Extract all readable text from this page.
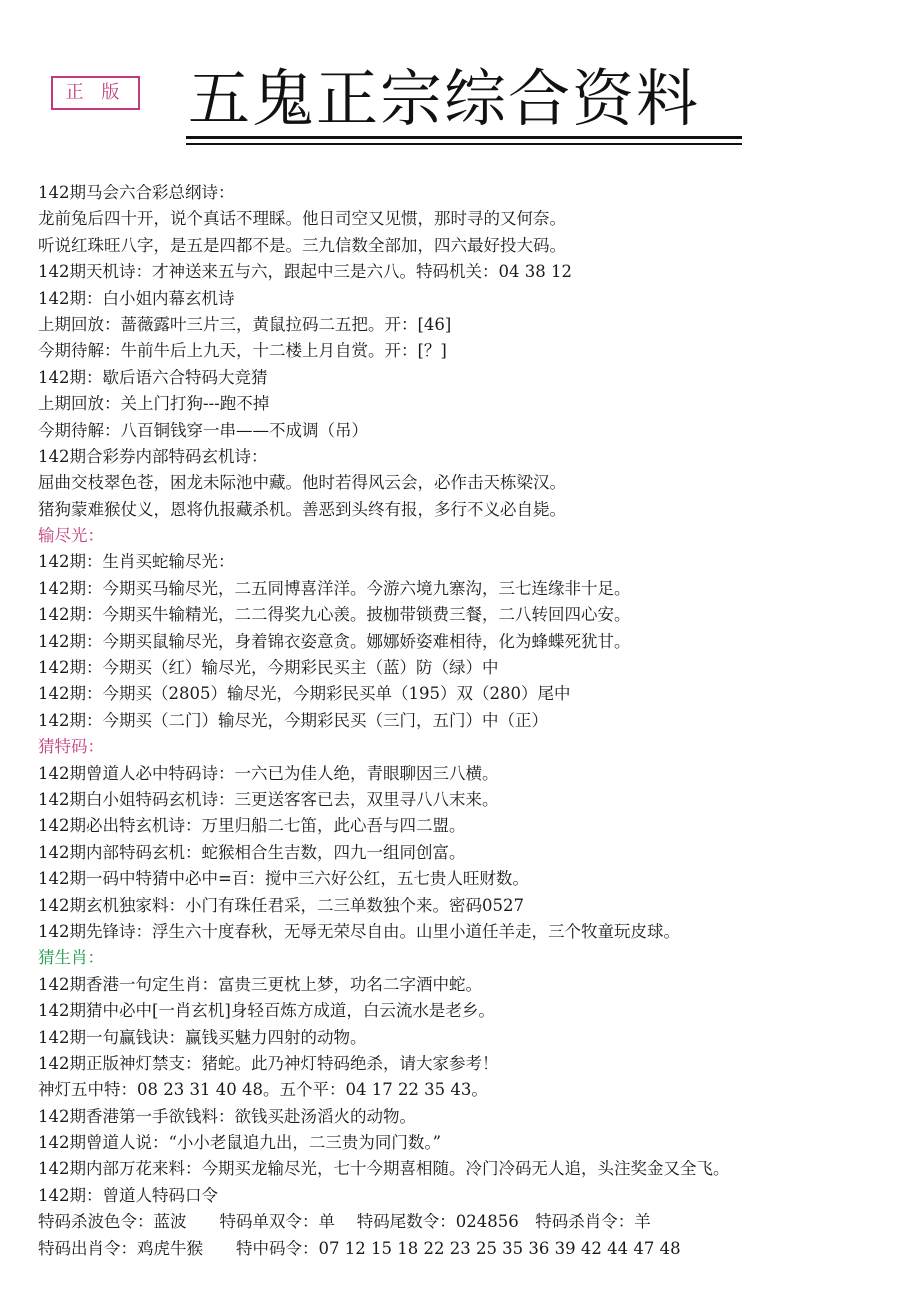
正 版 五鬼正宗综合资料
142期马会六合彩总纲诗：
龙前兔后四十开，说个真话不理睬。他日司空又见惯，那时寻的又何奈。
听说红珠旺八字，是五是四都不是。三九信数全部加，四六最好投大码。
142期天机诗：才神送来五与六，跟起中三是六八。特码机关：04 38 12
142期：白小姐内幕玄机诗
上期回放：蔷薇露叶三片三，黄鼠拉码二五把。开：[46]
今期待解：牛前牛后上九天，十二楼上月自赏。开：[？]
142期：歇后语六合特码大竞猜
上期回放：关上门打狗---跑不掉
今期待解：八百铜钱穿一串——不成调（吊）
142期合彩券内部特码玄机诗：
屈曲交枝翠色苍，困龙未际池中藏。他时若得风云会，必作击天栋梁汉。
猪狗蒙难猴仗义，恩将仇报藏杀机。善恶到头终有报，多行不义必自毙。
输尽光：
142期：生肖买蛇输尽光：
142期：今期买马输尽光，二五同博喜洋洋。今游六境九寨沟，三七连缘非十足。
142期：今期买牛输精光，二二得奖九心羡。披枷带锁费三餐，二八转回四心安。
142期：今期买鼠输尽光，身着锦衣姿意贪。娜娜娇姿难相待，化为蜂蝶死犹甘。
142期：今期买（红）输尽光，今期彩民买主（蓝）防（绿）中
142期：今期买（2805）输尽光，今期彩民买单（195）双（280）尾中
142期：今期买（二门）输尽光，今期彩民买（三门，五门）中（正）
猜特码：
142期曾道人必中特码诗：一六已为佳人绝，青眼聊因三八横。
142期白小姐特码玄机诗：三更送客客已去，双里寻八八末来。
142期必出特玄机诗：万里归船二七笛，此心吾与四二盟。
142期内部特码玄机：蛇猴相合生吉数，四九一组同创富。
142期一码中特猜中必中=百：搅中三六好公红，五七贵人旺财数。
142期玄机独家料：小门有珠任君采，二三单数独个来。密码0527
142期先锋诗：浮生六十度春秋，无辱无荣尽自由。山里小道任羊走，三个牧童玩皮球。
猜生肖：
142期香港一句定生肖：富贵三更枕上梦，功名二字酒中蛇。
142期猜中必中[一肖玄机]身轻百炼方成道，白云流水是老乡。
142期一句赢钱诀：赢钱买魅力四射的动物。
142期正版神灯禁支：猪蛇。此乃神灯特码绝杀，请大家参考！
神灯五中特：08 23 31 40 48。五个平：04 17 22 35 43。
142期香港第一手欲钱料：欲钱买赴汤滔火的动物。
142期曾道人说：“小小老鼠追九出，二三贵为同门数。”
142期内部万花来料：今期买龙输尽光，七十今期喜相随。冷门冷码无人追，头注奖金又全飞。
142期：曾道人特码口令
特码杀波色令：蓝波　　特码单双令：单　 特码尾数令：024856　特码杀肖令：羊
特码出肖令：鸡虎牛猴　　特中码令：07 12 15 18 22 23 25 35 36 39 42 44 47 48
